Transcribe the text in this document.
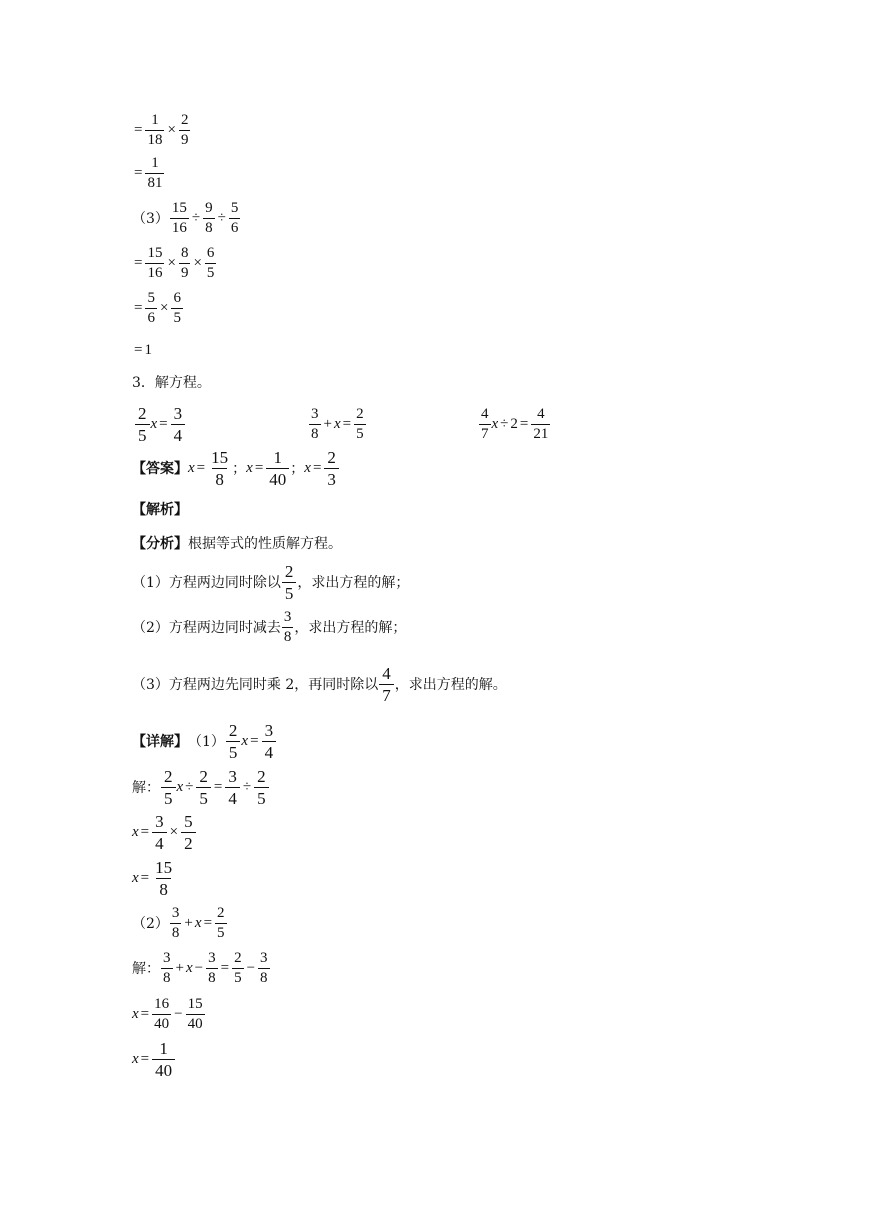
= $\frac{1}{18} \times \frac{2}{9}$
= $\frac{1}{81}$
$(3) \frac{15}{16} \div \frac{9}{8} \div \frac{5}{6}$
= $\frac{15}{16} \times \frac{8}{9} \times \frac{6}{5}$
= $\frac{5}{6} \times \frac{6}{5}$
= 1
3．解方程。
$\frac{2}{5}$ $x = \frac{3}{4}$	$\frac{3}{8} + x = \frac{2}{5}$	$\frac{4}{7}$ $x \div 2 = \frac{4}{21}$
【答案】 $x = \frac{15}{8}$ ； $x = \frac{1}{40}$ ； $x = \frac{2}{3}$
【解析】
【分析】 根据等式的性质解方程。
（1）方程两边同时除以 $\frac{2}{5}$ ，求出方程的解；
（2）方程两边同时减去 $\frac{3}{8}$ ，求出方程的解；
（3）方程两边先同时乘 2，再同时除以 $\frac{4}{7}$ ，求出方程的解。
【详解】 $(1) \frac{2}{5}$ $x = \frac{3}{4}$
解： $\frac{2}{5}$ $x \div \frac{2}{5} = \frac{3}{4} \div \frac{2}{5}$
$x = \frac{3}{4} \times \frac{5}{2}$
$x = \frac{15}{8}$
$(2) \frac{3}{8} + x = \frac{2}{5}$
解： $\frac{3}{8} + x - \frac{3}{8} = \frac{2}{5} - \frac{3}{8}$
$x = \frac{16}{40} - \frac{15}{40}$
$x = \frac{1}{40}$
